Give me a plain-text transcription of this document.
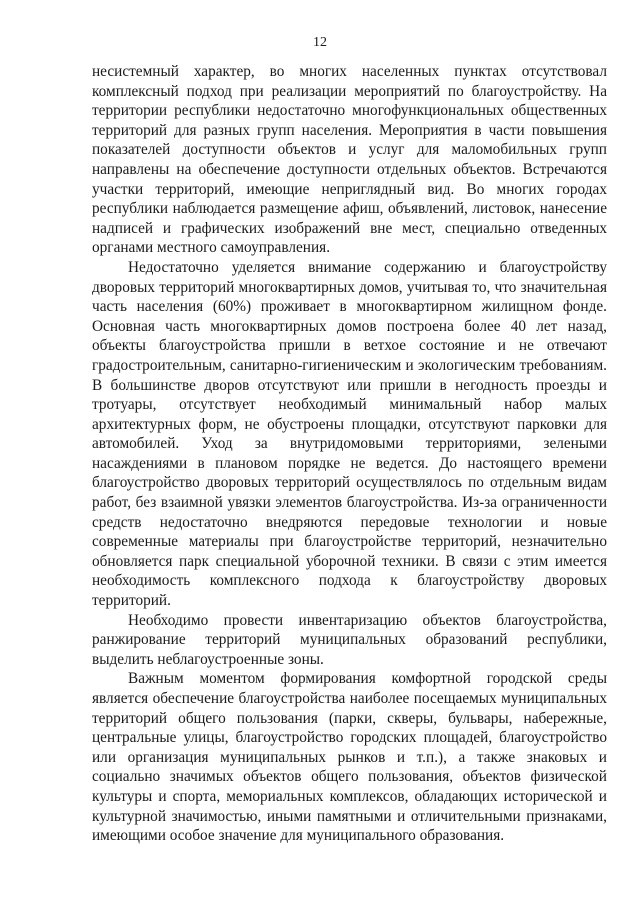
12

несистемный характер, во многих населенных пунктах отсутствовал комплексный подход при реализации мероприятий по благоустройству. На территории республики недостаточно многофункциональных общественных территорий для разных групп населения. Мероприятия в части повышения показателей доступности объектов и услуг для маломобильных групп направлены на обеспечение доступности отдельных объектов. Встречаются участки территорий, имеющие неприглядный вид. Во многих городах республики наблюдается размещение афиш, объявлений, листовок, нанесение надписей и графических изображений вне мест, специально отведенных органами местного самоуправления.

Недостаточно уделяется внимание содержанию и благоустройству дворовых территорий многоквартирных домов, учитывая то, что значительная часть населения (60%) проживает в многоквартирном жилищном фонде. Основная часть многоквартирных домов построена более 40 лет назад, объекты благоустройства пришли в ветхое состояние и не отвечают градостроительным, санитарно-гигиеническим и экологическим требованиям. В большинстве дворов отсутствуют или пришли в негодность проезды и тротуары, отсутствует необходимый минимальный набор малых архитектурных форм, не обустроены площадки, отсутствуют парковки для автомобилей. Уход за внутридомовыми территориями, зелеными насаждениями в плановом порядке не ведется. До настоящего времени благоустройство дворовых территорий осуществлялось по отдельным видам работ, без взаимной увязки элементов благоустройства. Из-за ограниченности средств недостаточно внедряются передовые технологии и новые современные материалы при благоустройстве территорий, незначительно обновляется парк специальной уборочной техники. В связи с этим имеется необходимость комплексного подхода к благоустройству дворовых территорий.

Необходимо провести инвентаризацию объектов благоустройства, ранжирование территорий муниципальных образований республики, выделить неблагоустроенные зоны.

Важным моментом формирования комфортной городской среды является обеспечение благоустройства наиболее посещаемых муниципальных территорий общего пользования (парки, скверы, бульвары, набережные, центральные улицы, благоустройство городских площадей, благоустройство или организация муниципальных рынков и т.п.), а также знаковых и социально значимых объектов общего пользования, объектов физической культуры и спорта, мемориальных комплексов, обладающих исторической и культурной значимостью, иными памятными и отличительными признаками, имеющими особое значение для муниципального образования.
